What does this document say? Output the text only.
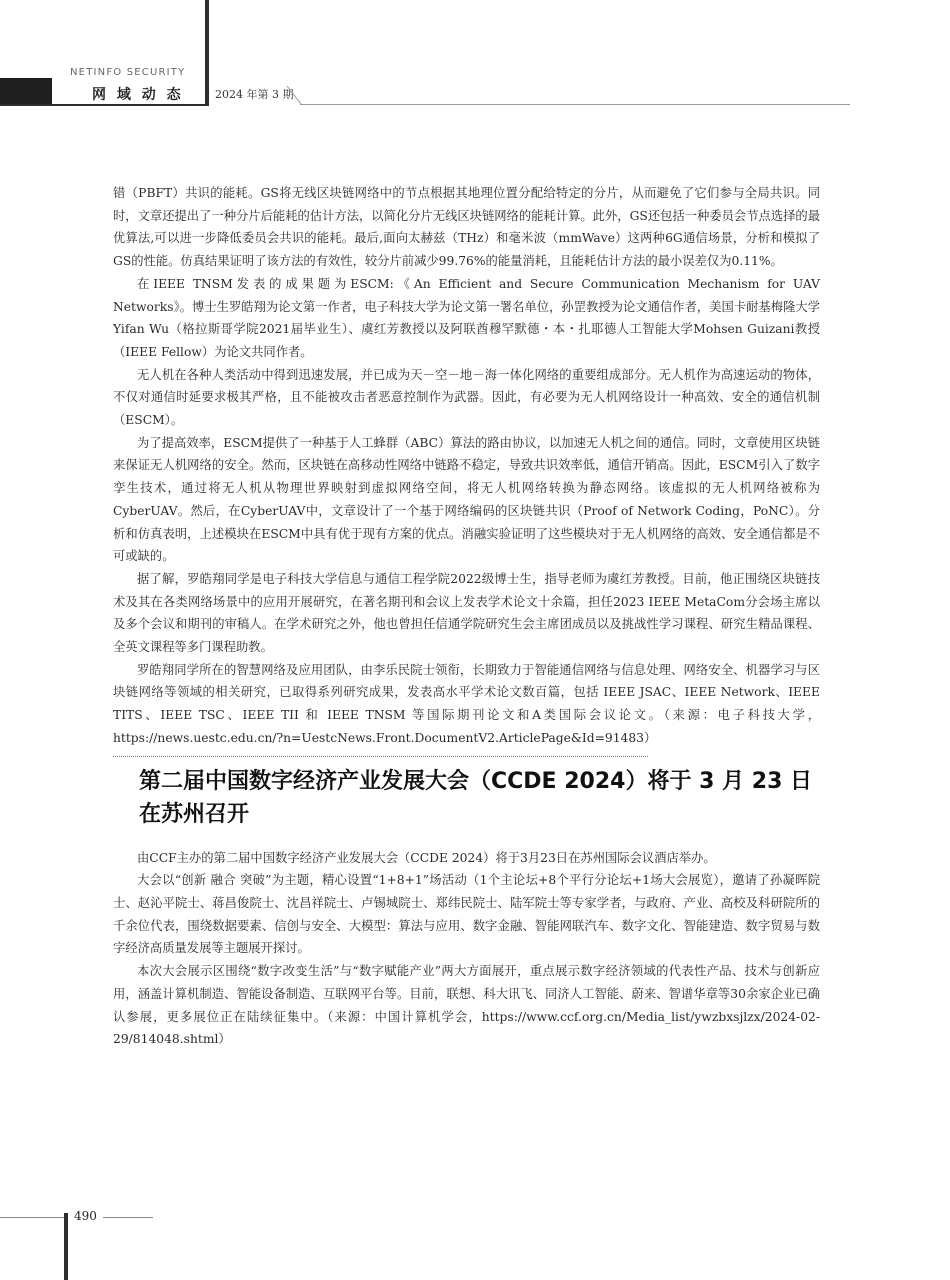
NETINFO SECURITY
网 域 动 态	2024 年第 3 期

错（PBFT）共识的能耗。GS将无线区块链网络中的节点根据其地理位置分配给特定的分片，从而避免了它们参与全局共识。同时，文章还提出了一种分片后能耗的估计方法，以简化分片无线区块链网络的能耗计算。此外，GS还包括一种委员会节点选择的最优算法,可以进一步降低委员会共识的能耗。最后,面向太赫兹（THz）和毫米波（mmWave）这两种6G通信场景，分析和模拟了GS的性能。仿真结果证明了该方法的有效性，较分片前减少99.76%的能量消耗，且能耗估计方法的最小误差仅为0.11%。

在IEEE TNSM发表的成果题为ESCM:《An Efficient and Secure Communication Mechanism for UAV Networks》。博士生罗皓翔为论文第一作者，电子科技大学为论文第一署名单位，孙罡教授为论文通信作者，美国卡耐基梅隆大学Yifan Wu（格拉斯哥学院2021届毕业生）、虞红芳教授以及阿联酋穆罕默德・本・扎耶德人工智能大学Mohsen Guizani教授（IEEE Fellow）为论文共同作者。

无人机在各种人类活动中得到迅速发展，并已成为天－空－地－海一体化网络的重要组成部分。无人机作为高速运动的物体，不仅对通信时延要求极其严格，且不能被攻击者恶意控制作为武器。因此，有必要为无人机网络设计一种高效、安全的通信机制（ESCM）。

为了提高效率，ESCM提供了一种基于人工蜂群（ABC）算法的路由协议，以加速无人机之间的通信。同时，文章使用区块链来保证无人机网络的安全。然而，区块链在高移动性网络中链路不稳定，导致共识效率低，通信开销高。因此，ESCM引入了数字孪生技术，通过将无人机从物理世界映射到虚拟网络空间，将无人机网络转换为静态网络。该虚拟的无人机网络被称为CyberUAV。然后，在CyberUAV中，文章设计了一个基于网络编码的区块链共识（Proof of Network Coding，PoNC）。分析和仿真表明，上述模块在ESCM中具有优于现有方案的优点。消融实验证明了这些模块对于无人机网络的高效、安全通信都是不可或缺的。

据了解，罗皓翔同学是电子科技大学信息与通信工程学院2022级博士生，指导老师为虞红芳教授。目前，他正围绕区块链技术及其在各类网络场景中的应用开展研究，在著名期刊和会议上发表学术论文十余篇，担任2023 IEEE MetaCom分会场主席以及多个会议和期刊的审稿人。在学术研究之外，他也曾担任信通学院研究生会主席团成员以及挑战性学习课程、研究生精品课程、全英文课程等多门课程助教。

罗皓翔同学所在的智慧网络及应用团队，由李乐民院士领衔，长期致力于智能通信网络与信息处理、网络安全、机器学习与区块链网络等领域的相关研究，已取得系列研究成果，发表高水平学术论文数百篇，包括 IEEE JSAC、IEEE Network、IEEE TITS、IEEE TSC、IEEE TII 和 IEEE TNSM 等国际期刊论文和A类国际会议论文。（来源：电子科技大学，https://news.uestc.edu.cn/?n=UestcNews.Front.DocumentV2.ArticlePage&Id=91483）

第二届中国数字经济产业发展大会（CCDE 2024）将于 3 月 23 日在苏州召开

由CCF主办的第二届中国数字经济产业发展大会（CCDE 2024）将于3月23日在苏州国际会议酒店举办。

大会以“创新 融合 突破”为主题，精心设置“1+8+1”场活动（1个主论坛+8个平行分论坛+1场大会展览），邀请了孙凝晖院士、赵沁平院士、蒋昌俊院士、沈昌祥院士、卢锡城院士、郑纬民院士、陆军院士等专家学者，与政府、产业、高校及科研院所的千余位代表，围绕数据要素、信创与安全、大模型：算法与应用、数字金融、智能网联汽车、数字文化、智能建造、数字贸易与数字经济高质量发展等主题展开探讨。

本次大会展示区围绕“数字改变生活”与“数字赋能产业”两大方面展开，重点展示数字经济领域的代表性产品、技术与创新应用，涵盖计算机制造、智能设备制造、互联网平台等。目前，联想、科大讯飞、同济人工智能、蔚来、智谱华章等30余家企业已确认参展，更多展位正在陆续征集中。（来源：中国计算机学会，https://www.ccf.org.cn/Media_list/ywzbxsjlzx/2024-02-29/814048.shtml）

490
